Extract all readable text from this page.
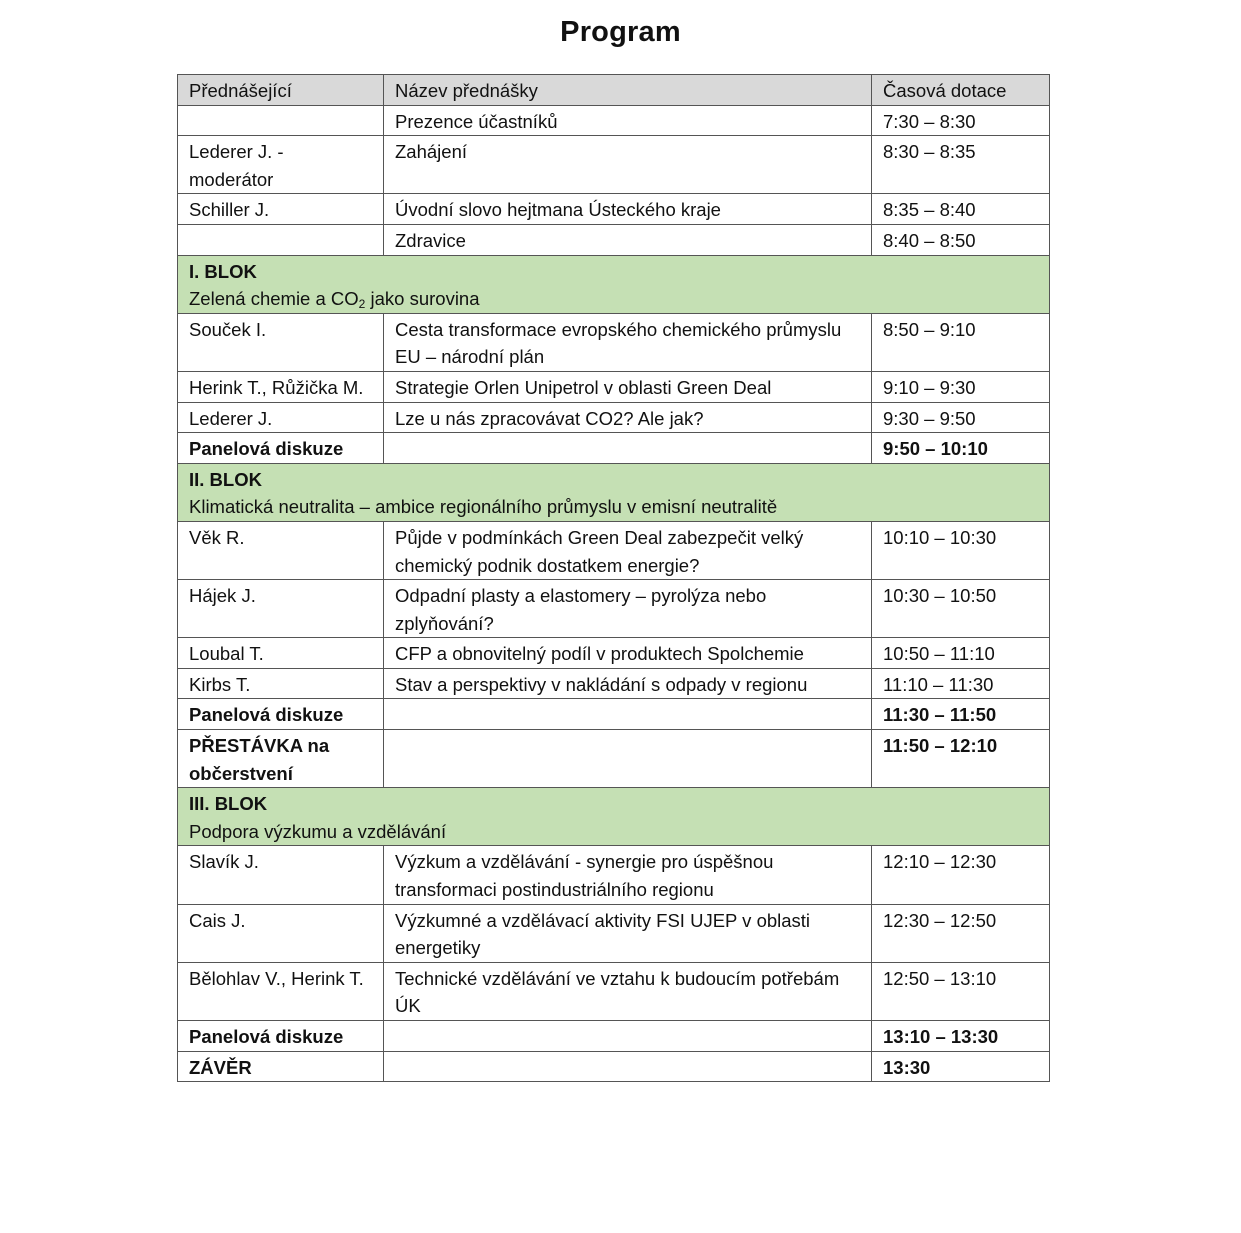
Program
Přednášející	Název přednášky	Časová dotace
	Prezence účastníků	7:30 – 8:30
Lederer J. - moderátor	Zahájení	8:30 – 8:35
Schiller J.	Úvodní slovo hejtmana Ústeckého kraje	8:35 – 8:40
	Zdravice	8:40 – 8:50

I. BLOK
Zelená chemie a $CO_2$ jako surovina		

Souček I.	Cesta transformace evropského chemického průmyslu EU – národní plán	8:50 – 9:10
Herink T., Růžička M.	Strategie Orlen Unipetrol v oblasti Green Deal	9:10 – 9:30
Lederer J.	Lze u nás zpracovávat CO2? Ale jak?	9:30 – 9:50
Panelová diskuze		9:50 – 10:10

II. BLOK
Klimatická neutralita – ambice regionálního průmyslu v emisní neutralitě		

Věk R.	Půjde v podmínkách Green Deal zabezpečit velký chemický podnik dostatkem energie?	10:10 – 10:30
Hájek J.	Odpadní plasty a elastomery – pyrolýza nebo zplyňování?	10:30 – 10:50
Loubal T.	CFP a obnovitelný podíl v produktech Spolchemie	10:50 – 11:10
Kirbs T.	Stav a perspektivy v nakládání s odpady v regionu	11:10 – 11:30
Panelová diskuze		11:30 – 11:50
PŘESTÁVKA na občerstvení		11:50 – 12:10

III. BLOK
Podpora výzkumu a vzdělávání		

Slavík J.	Výzkum a vzdělávání - synergie pro úspěšnou transformaci postindustriálního regionu	12:10 – 12:30
Cais J.	Výzkumné a vzdělávací aktivity FSI UJEP v oblasti energetiky	12:30 – 12:50
Bělohlav V., Herink T.	Technické vzdělávání ve vztahu k budoucím potřebám ÚK	12:50 – 13:10
Panelová diskuze		13:10 – 13:30
ZÁVĚR		13:30
